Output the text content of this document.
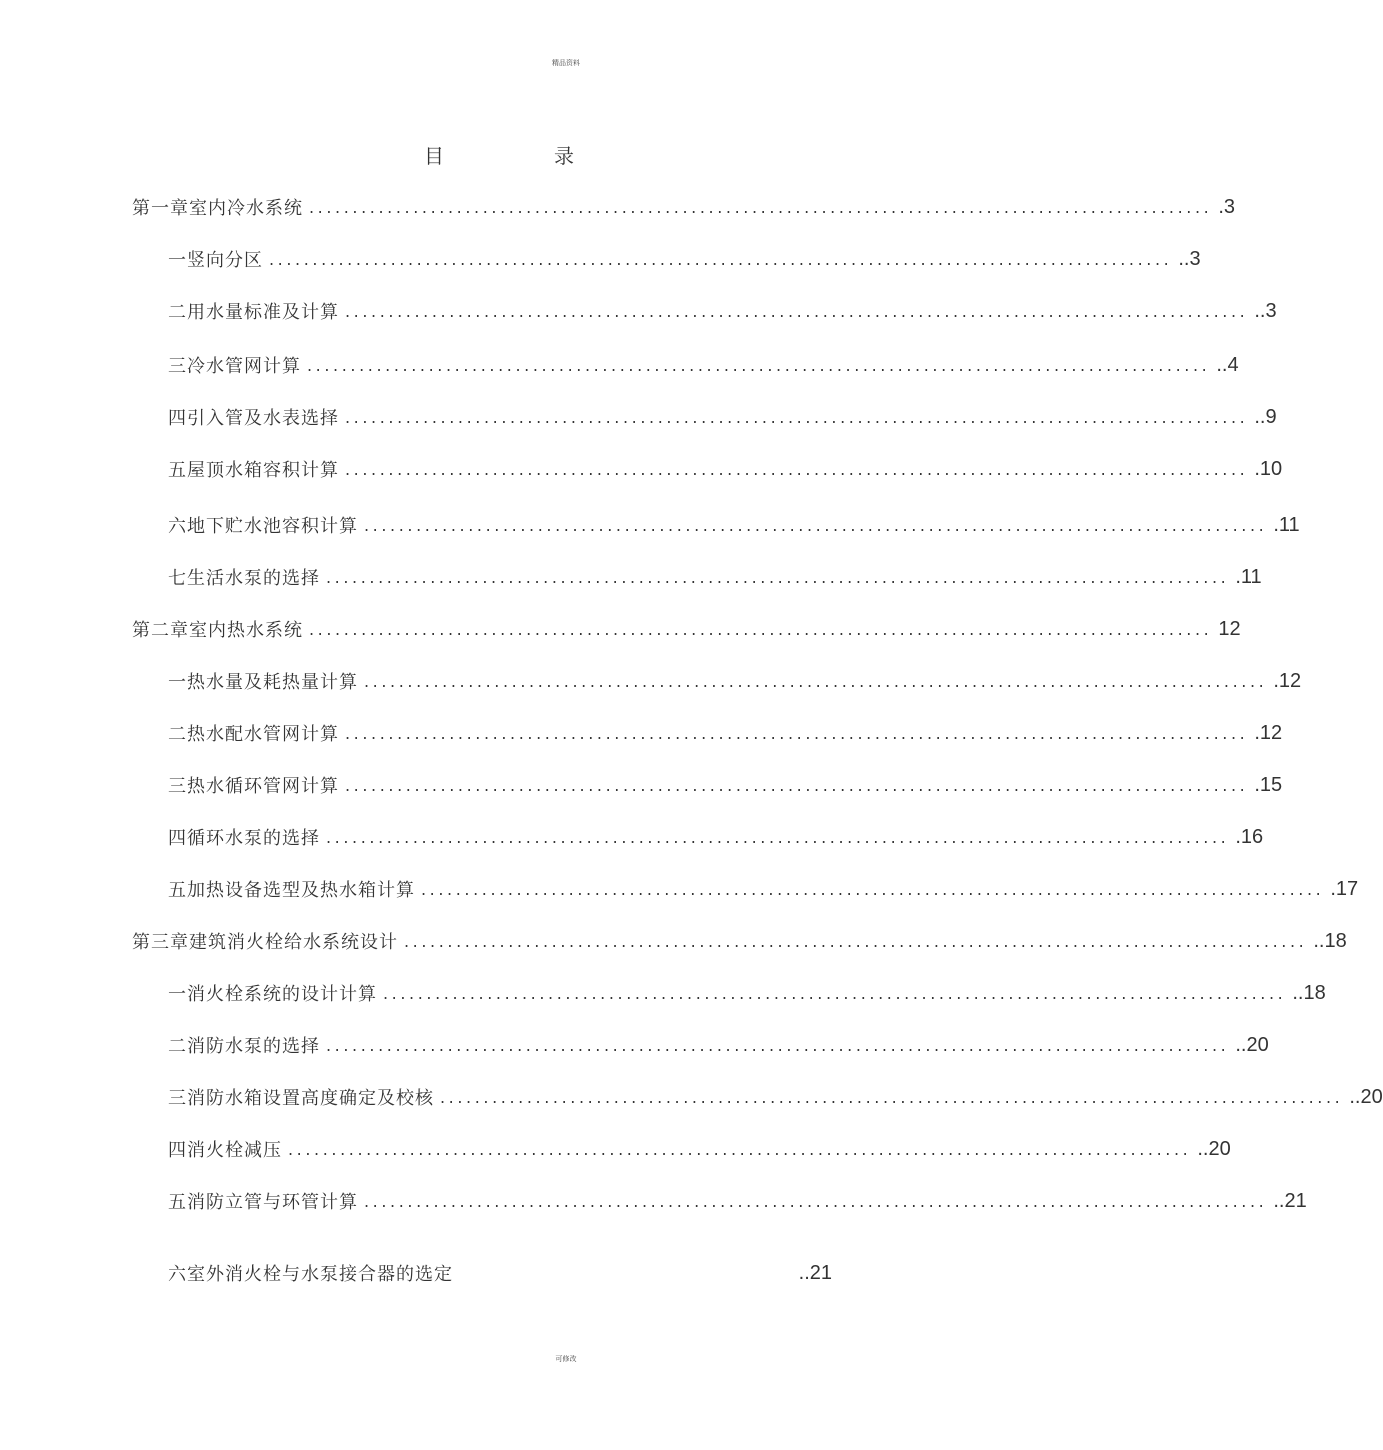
精品资料
目	录
第一章室内冷水系统 ........................................................................................................ .3
一竖向分区 ........................................................................................................ ..3
二用水量标准及计算 ........................................................................................................ ..3
三冷水管网计算 ........................................................................................................ ..4
四引入管及水表选择 ........................................................................................................ ..9
五屋顶水箱容积计算 ........................................................................................................ .10
六地下贮水池容积计算 ........................................................................................................ .11
七生活水泵的选择 ........................................................................................................ .11
第二章室内热水系统 ........................................................................................................ 12
一热水量及耗热量计算 ........................................................................................................ .12
二热水配水管网计算 ........................................................................................................ .12
三热水循环管网计算 ........................................................................................................ .15
四循环水泵的选择 ........................................................................................................ .16
五加热设备选型及热水箱计算 ........................................................................................................ .17
第三章建筑消火栓给水系统设计 ........................................................................................................ ..18
一消火栓系统的设计计算 ........................................................................................................ ..18
二消防水泵的选择 ........................................................................................................ ..20
三消防水箱设置高度确定及校核 ........................................................................................................ ..20
四消火栓减压 ........................................................................................................ ..20
五消防立管与环管计算 ........................................................................................................ ..21
六室外消火栓与水泵接合器的选定	..21
可修改
